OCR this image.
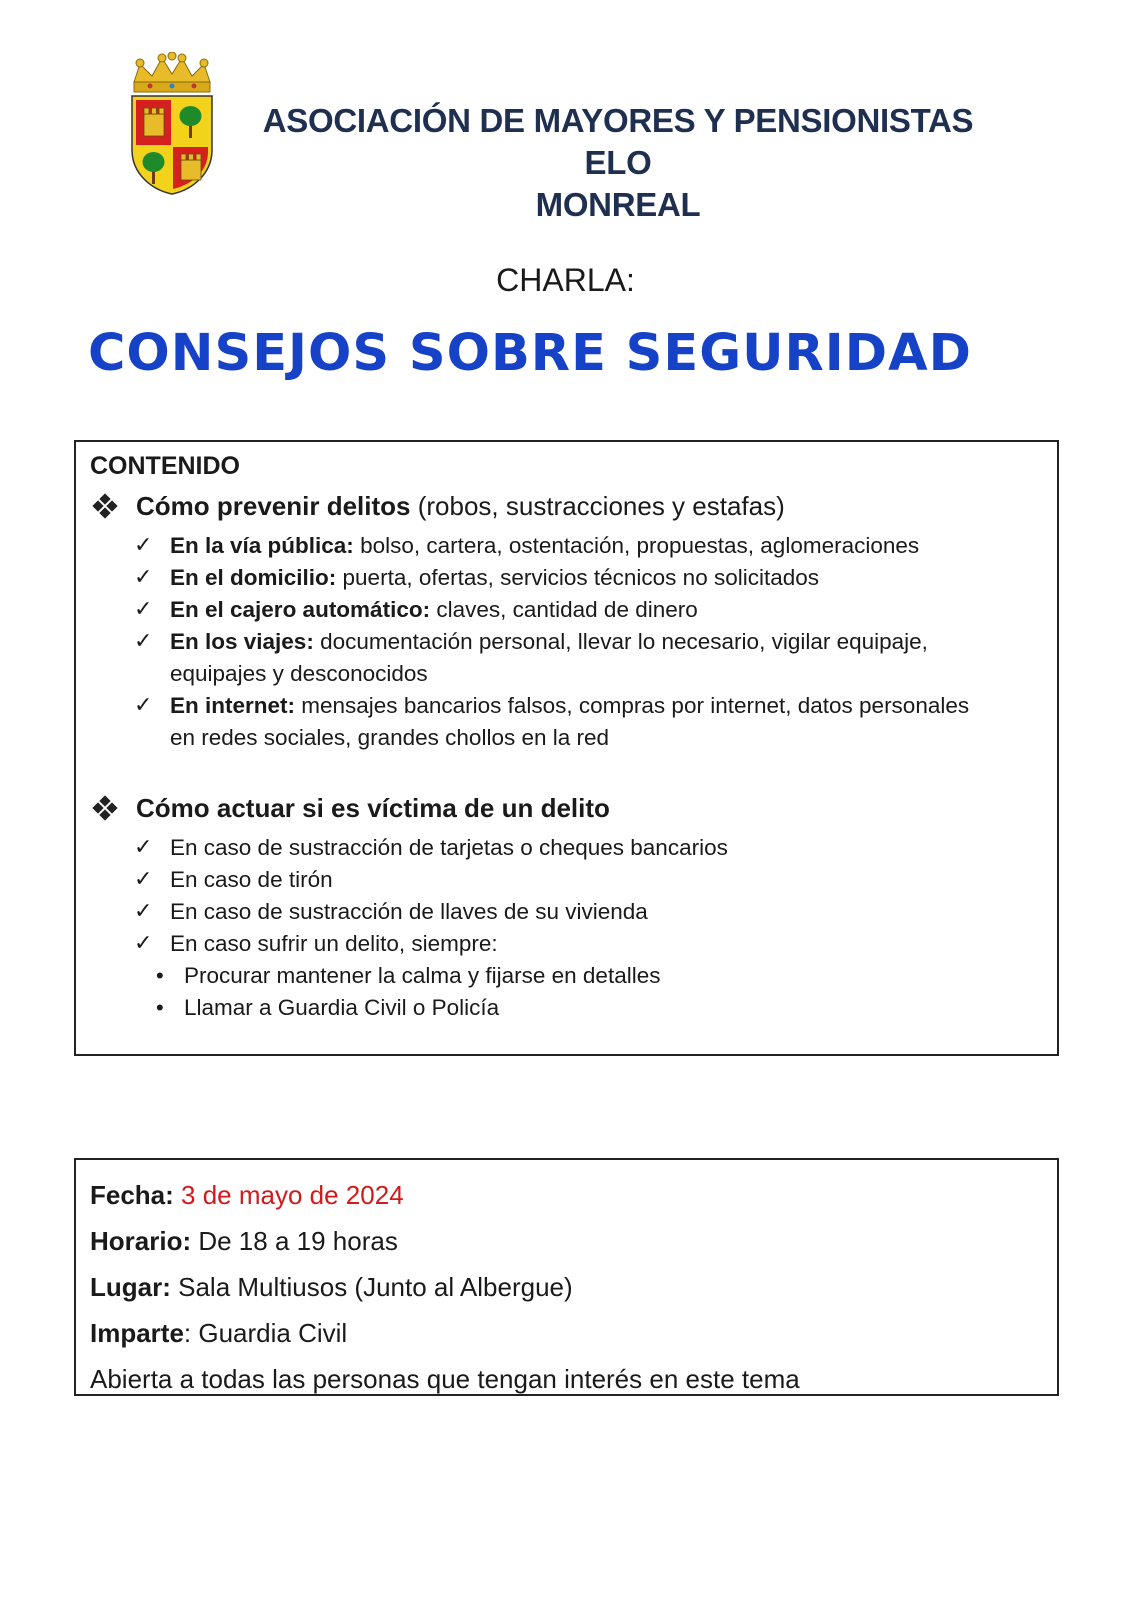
ASOCIACIÓN DE MAYORES Y PENSIONISTAS ELO
MONREAL
CHARLA:
CONSEJOS SOBRE SEGURIDAD
CONTENIDO
Cómo prevenir delitos (robos, sustracciones y estafas)
✓ En la vía pública: bolso, cartera, ostentación, propuestas, aglomeraciones
✓ En el domicilio: puerta, ofertas, servicios técnicos no solicitados
✓ En el cajero automático: claves, cantidad de dinero
✓ En los viajes: documentación personal, llevar lo necesario, vigilar equipaje,
equipajes y desconocidos
✓ En internet: mensajes bancarios falsos, compras por internet, datos personales
en redes sociales, grandes chollos en la red
Cómo actuar si es víctima de un delito
✓ En caso de sustracción de tarjetas o cheques bancarios
✓ En caso de tirón
✓ En caso de sustracción de llaves de su vivienda
✓ En caso sufrir un delito, siempre:
• Procurar mantener la calma y fijarse en detalles
• Llamar a Guardia Civil o Policía
Fecha: 3 de mayo de 2024
Horario: De 18 a 19 horas
Lugar: Sala Multiusos (Junto al Albergue)
Imparte: Guardia Civil
Abierta a todas las personas que tengan interés en este tema
